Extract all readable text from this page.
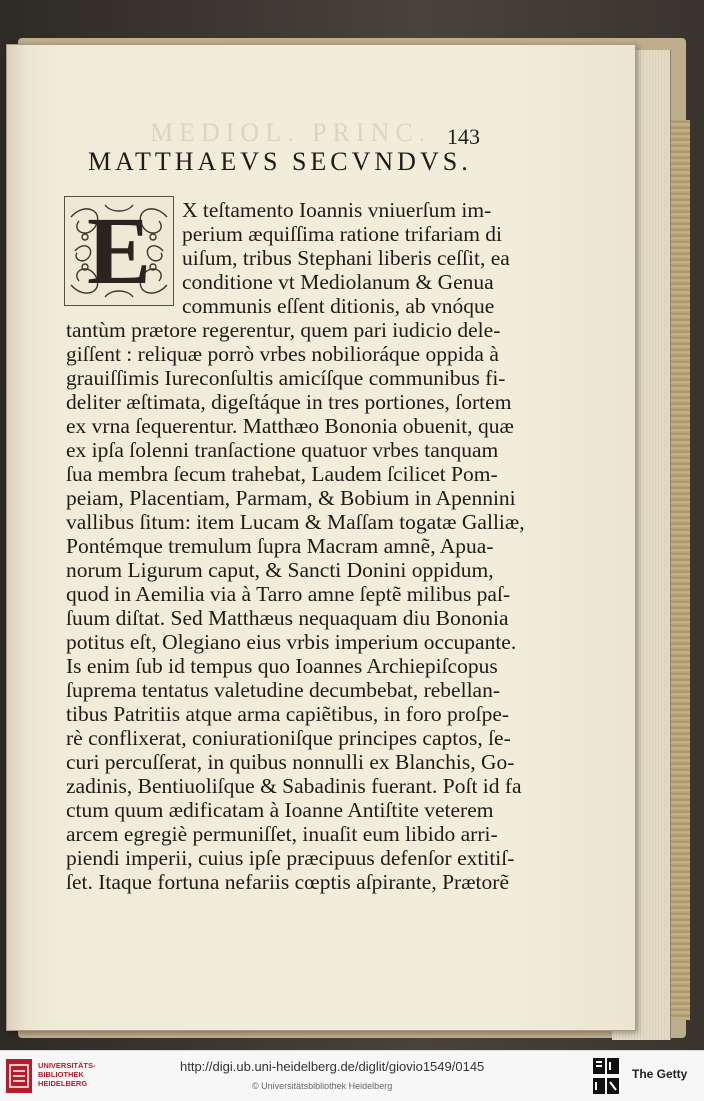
MEDIOL. PRINC. 143
MATTHAEVS SECVNDVS.
E	X teſtamento Ioannis vniuerſum im-
perium æquiſſima ratione trifariam di
uiſum, tribus Stephani liberis ceſſit, ea
conditione vt Mediolanum & Genua
communis eſſent ditionis, ab vnóque
tantùm prætore regerentur, quem pari iudicio dele-
giſſent : reliquæ porrò vrbes nobilioráque oppida à
grauiſſimis Iureconſultis amicíſque communibus fi-
deliter æſtimata, digeſtáque in tres portiones, ſortem
ex vrna ſequerentur. Matthæo Bononia obuenit, quæ
ex ipſa ſolenni tranſactione quatuor vrbes tanquam
ſua membra ſecum trahebat, Laudem ſcilicet Pom-
peiam, Placentiam, Parmam, & Bobium in Apennini
vallibus ſitum: item Lucam & Maſſam togatæ Galliæ,
Pontémque tremulum ſupra Macram amnẽ, Apua-
norum Ligurum caput, & Sancti Donini oppidum,
quod in Aemilia via à Tarro amne ſeptẽ milibus paſ-
ſuum diſtat. Sed Matthæus nequaquam diu Bononia
potitus eſt, Olegiano eius vrbis imperium occupante.
Is enim ſub id tempus quo Ioannes Archiepiſcopus
ſuprema tentatus valetudine decumbebat, rebellan-
tibus Patritiis atque arma capiẽtibus, in foro proſpe-
rè conflixerat, coniurationiſque principes captos, ſe-
curi percuſſerat, in quibus nonnulli ex Blanchis, Go-
zadinis, Bentiuoliſque & Sabadinis fuerant. Poſt id fa
ctum quum ædificatam à Ioanne Antiſtite veterem
arcem egregiè permuniſſet, inuaſit eum libido arri-
piendi imperii, cuius ipſe præcipuus defenſor extitiſ-
ſet. Itaque fortuna nefariis cœptis aſpirante, Prætorẽ
UNIVERSITÄTS-
BIBLIOTHEK
HEIDELBERG
http://digi.ub.uni-heidelberg.de/diglit/giovio1549/0145
© Universitätsbibliothek Heidelberg
The Getty
